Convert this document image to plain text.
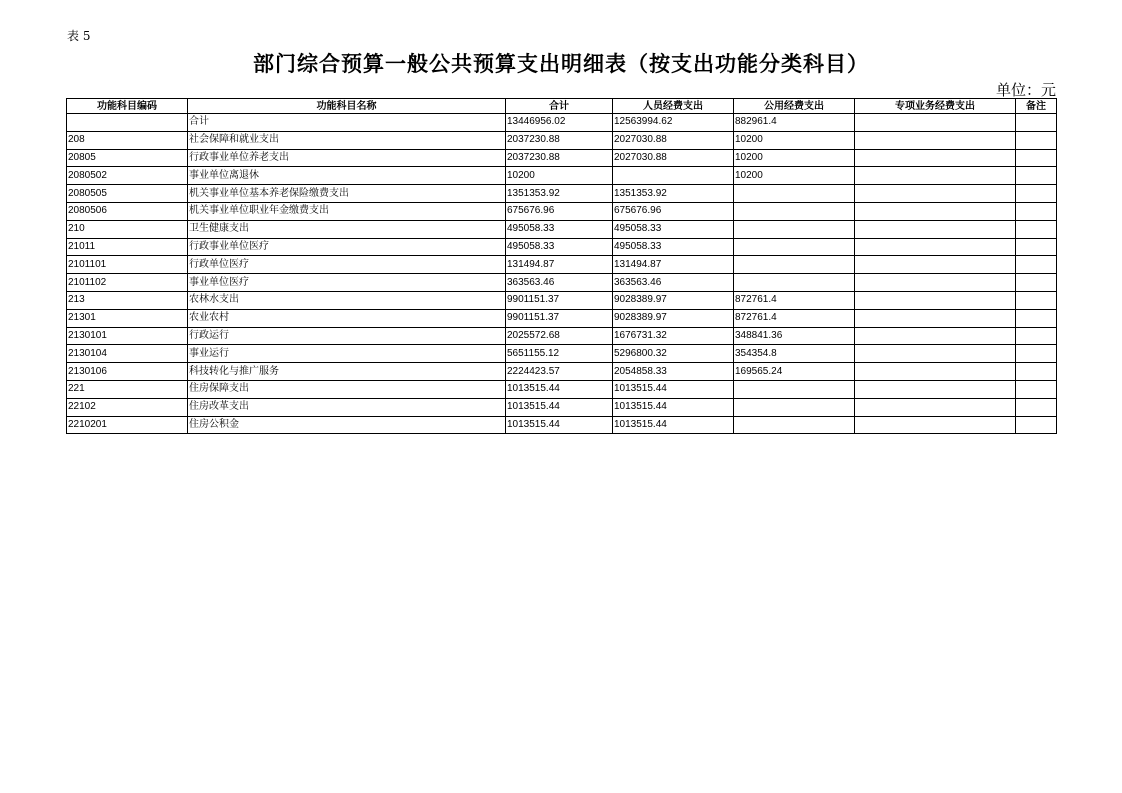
表 5
部门综合预算一般公共预算支出明细表（按支出功能分类科目）
单位：元
功能科目编码	功能科目名称	合计	人员经费支出	公用经费支出	专项业务经费支出	备注
	合计	13446956.02	12563994.62	882961.4		
208	社会保障和就业支出	2037230.88	2027030.88	10200		
20805	行政事业单位养老支出	2037230.88	2027030.88	10200		
2080502	事业单位离退休	10200		10200		
2080505	机关事业单位基本养老保险缴费支出	1351353.92	1351353.92			
2080506	机关事业单位职业年金缴费支出	675676.96	675676.96			
210	卫生健康支出	495058.33	495058.33			
21011	行政事业单位医疗	495058.33	495058.33			
2101101	行政单位医疗	131494.87	131494.87			
2101102	事业单位医疗	363563.46	363563.46			
213	农林水支出	9901151.37	9028389.97	872761.4		
21301	农业农村	9901151.37	9028389.97	872761.4		
2130101	行政运行	2025572.68	1676731.32	348841.36		
2130104	事业运行	5651155.12	5296800.32	354354.8		
2130106	科技转化与推广服务	2224423.57	2054858.33	169565.24		
221	住房保障支出	1013515.44	1013515.44			
22102	住房改革支出	1013515.44	1013515.44			
2210201	住房公积金	1013515.44	1013515.44			
